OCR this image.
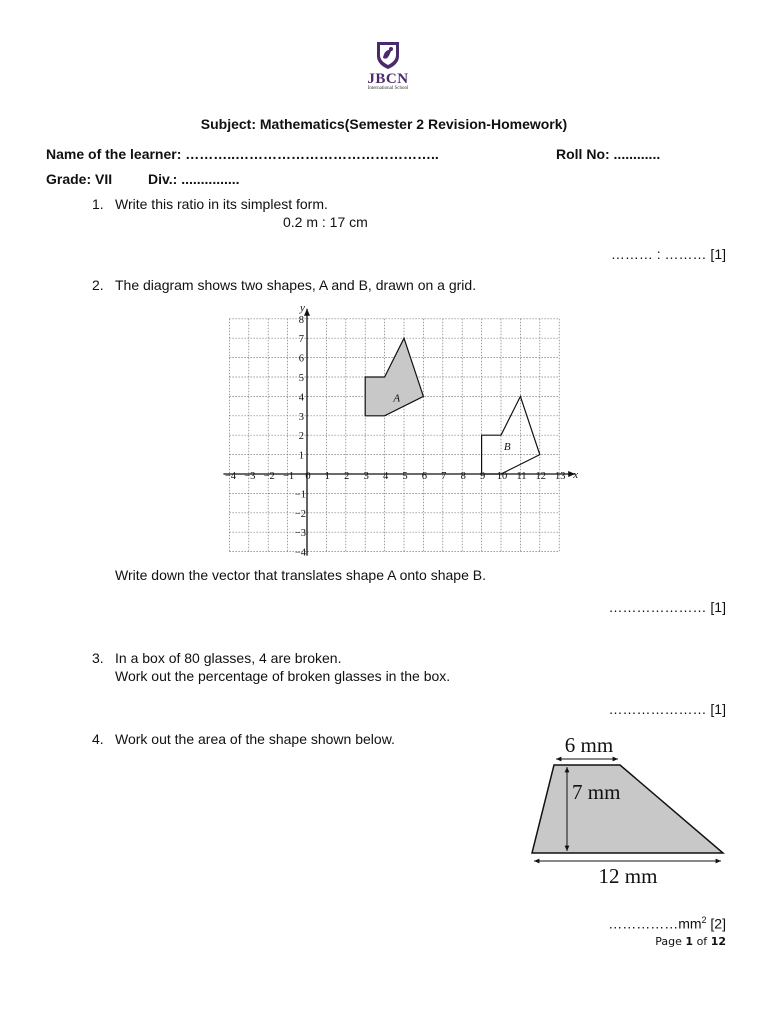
JBCN
International School
Subject: Mathematics(Semester 2 Revision-Homework)
Name of the learner: ………..……………………………………..	Roll No: ............
Grade: VII	Div.: ...............
1. Write this ratio in its simplest form.
0.2 m : 17 cm
……… : ……… [1]
2. The diagram shows two shapes, A and B, drawn on a grid.
A
B
x
y
−4 −3 −2 −1 0 1 2 3 4 5 6 7 8 9 10 11 12 13
1
2
3
4
5
6
7
8
−1
−2
−3
−4
Write down the vector that translates shape A onto shape B.
………………… [1]
3. In a box of 80 glasses, 4 are broken.
Work out the percentage of broken glasses in the box.
………………… [1]
4. Work out the area of the shape shown below.	6 mm
7 mm
12 mm
$\dots\dots\dots\dots\dots mm^2$ [2]
Page 1 of 12
